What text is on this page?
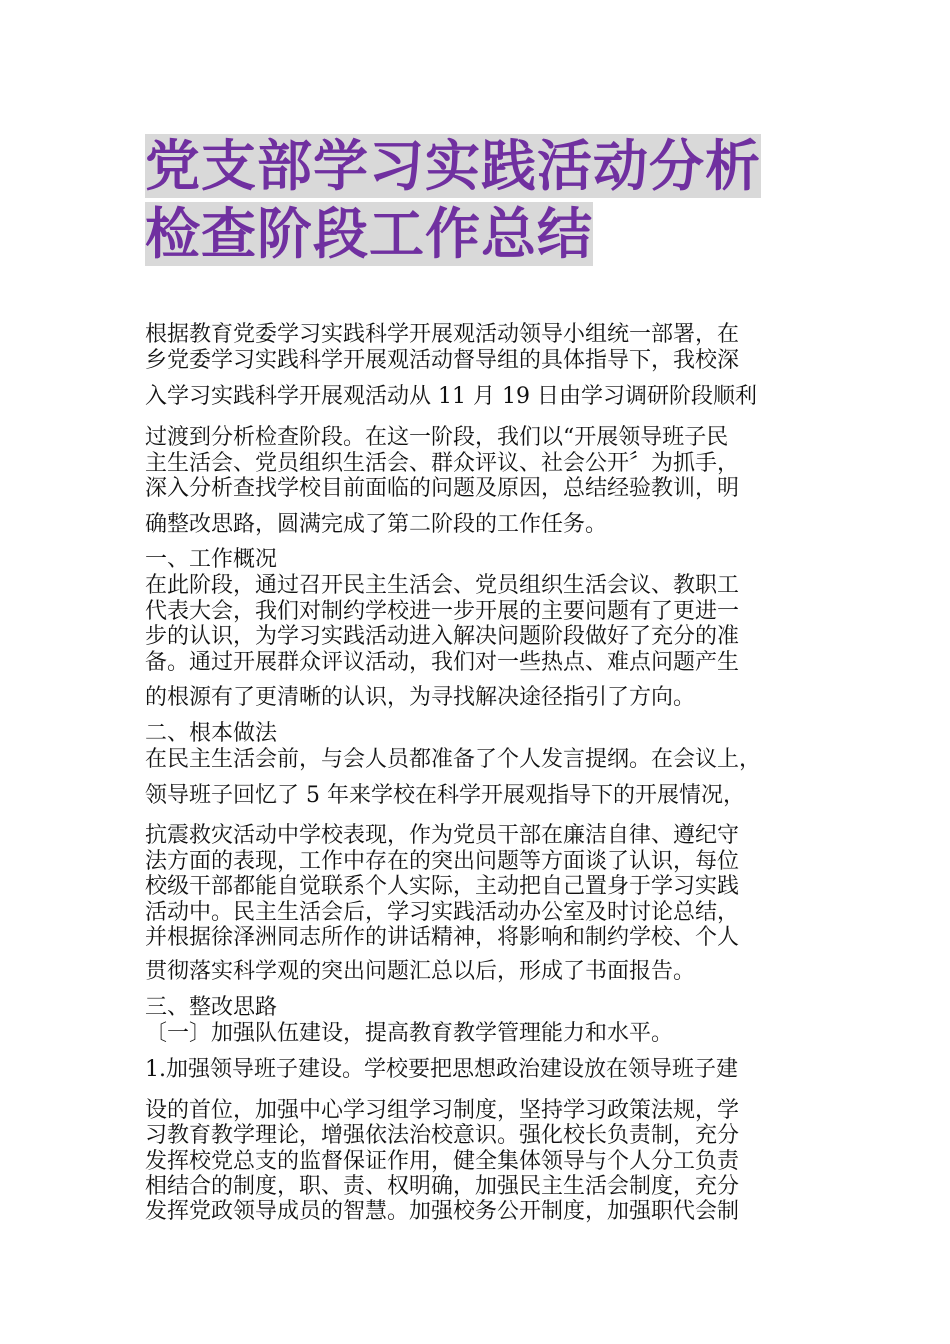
党支部学习实践活动分析
检查阶段工作总结
根据教育党委学习实践科学开展观活动领导小组统一部署，在
乡党委学习实践科学开展观活动督导组的具体指导下，我校深
入学习实践科学开展观活动从 11 月 19 日由学习调研阶段顺利
过渡到分析检查阶段。在这一阶段，我们以“开展领导班子民
主生活会、党员组织生活会、群众评议、社会公开〞为抓手，
深入分析查找学校目前面临的问题及原因，总结经验教训，明
确整改思路，圆满完成了第二阶段的工作任务。
一、工作概况
在此阶段，通过召开民主生活会、党员组织生活会议、教职工
代表大会，我们对制约学校进一步开展的主要问题有了更进一
步的认识，为学习实践活动进入解决问题阶段做好了充分的准
备。通过开展群众评议活动，我们对一些热点、难点问题产生
的根源有了更清晰的认识，为寻找解决途径指引了方向。
二、根本做法
在民主生活会前，与会人员都准备了个人发言提纲。在会议上，
领导班子回忆了 5 年来学校在科学开展观指导下的开展情况，
抗震救灾活动中学校表现，作为党员干部在廉洁自律、遵纪守
法方面的表现，工作中存在的突出问题等方面谈了认识，每位
校级干部都能自觉联系个人实际，主动把自己置身于学习实践
活动中。民主生活会后，学习实践活动办公室及时讨论总结，
并根据徐泽洲同志所作的讲话精神，将影响和制约学校、个人
贯彻落实科学观的突出问题汇总以后，形成了书面报告。
三、整改思路
〔一〕加强队伍建设，提高教育教学管理能力和水平。
1.加强领导班子建设。学校要把思想政治建设放在领导班子建
设的首位，加强中心学习组学习制度，坚持学习政策法规，学
习教育教学理论，增强依法治校意识。强化校长负责制，充分
发挥校党总支的监督保证作用，健全集体领导与个人分工负责
相结合的制度，职、责、权明确，加强民主生活会制度，充分
发挥党政领导成员的智慧。加强校务公开制度，加强职代会制
